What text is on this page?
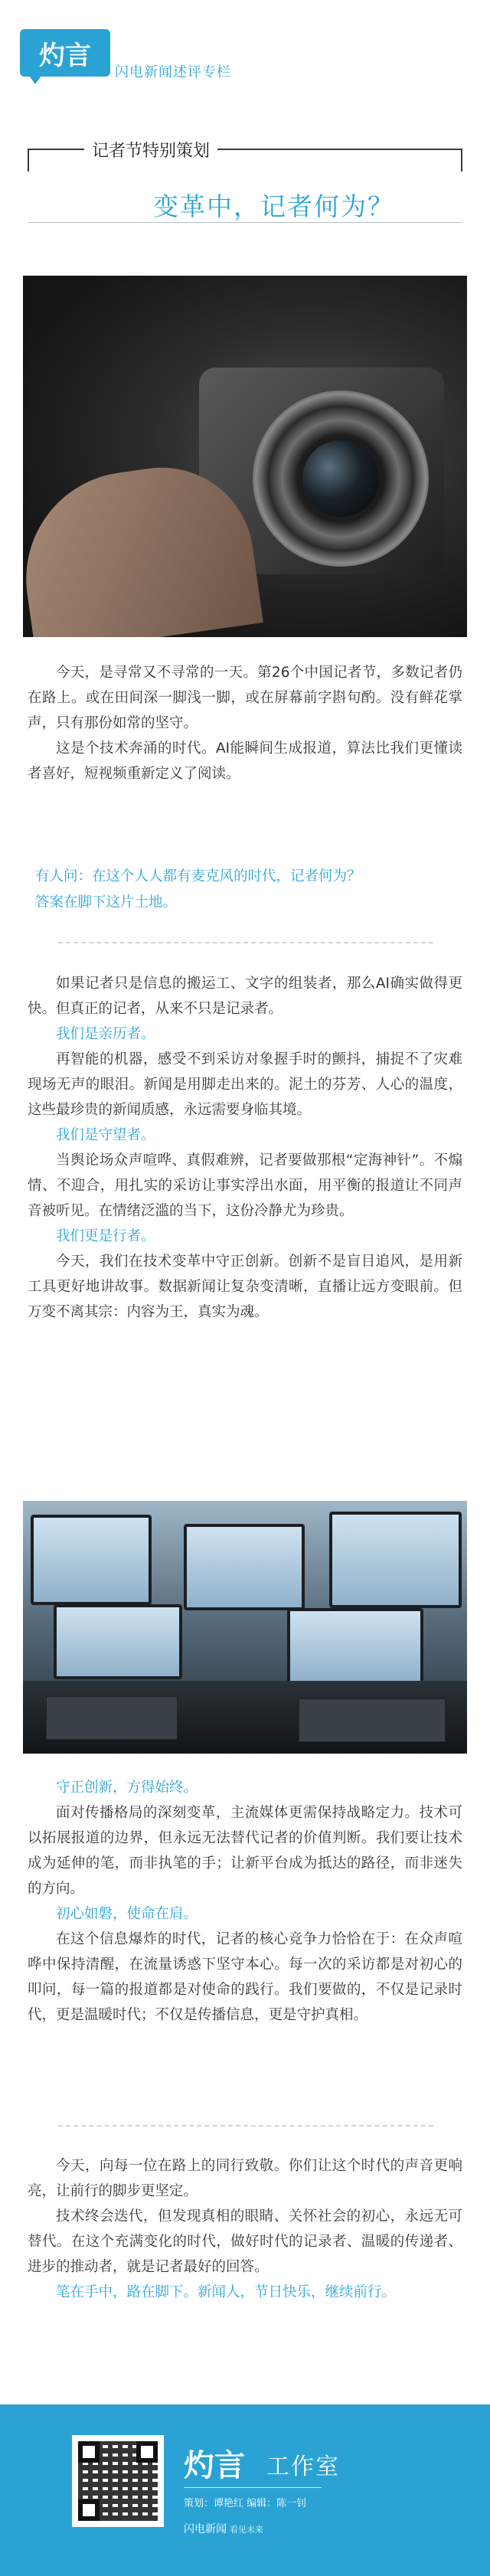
灼言
闪电新闻述评专栏
记者节特别策划
变革中，记者何为？

今天，是寻常又不寻常的一天。第26个中国记者节，多数记者仍在路上。或在田间深一脚浅一脚，或在屏幕前字斟句酌。没有鲜花掌声，只有那份如常的坚守。

这是个技术奔涌的时代。AI能瞬间生成报道，算法比我们更懂读者喜好，短视频重新定义了阅读。

有人问：在这个人人都有麦克风的时代，记者何为？

答案在脚下这片土地。

如果记者只是信息的搬运工、文字的组装者，那么AI确实做得更快。但真正的记者，从来不只是记录者。

我们是亲历者。

再智能的机器，感受不到采访对象握手时的颤抖，捕捉不了灾难现场无声的眼泪。新闻是用脚走出来的。泥土的芬芳、人心的温度，这些最珍贵的新闻质感，永远需要身临其境。

我们是守望者。

当舆论场众声喧哗、真假难辨，记者要做那根“定海神针”。不煽情、不迎合，用扎实的采访让事实浮出水面，用平衡的报道让不同声音被听见。在情绪泛滥的当下，这份冷静尤为珍贵。

我们更是行者。

今天，我们在技术变革中守正创新。创新不是盲目追风，是用新工具更好地讲故事。数据新闻让复杂变清晰，直播让远方变眼前。但万变不离其宗：内容为王，真实为魂。

守正创新，方得始终。

面对传播格局的深刻变革，主流媒体更需保持战略定力。技术可以拓展报道的边界，但永远无法替代记者的价值判断。我们要让技术成为延伸的笔，而非执笔的手；让新平台成为抵达的路径，而非迷失的方向。

初心如磐，使命在肩。

在这个信息爆炸的时代，记者的核心竞争力恰恰在于：在众声喧哗中保持清醒，在流量诱惑下坚守本心。每一次的采访都是对初心的叩问，每一篇的报道都是对使命的践行。我们要做的，不仅是记录时代，更是温暖时代；不仅是传播信息，更是守护真相。

今天，向每一位在路上的同行致敬。你们让这个时代的声音更响亮，让前行的脚步更坚定。

技术终会迭代，但发现真相的眼睛、关怀社会的初心，永远无可替代。在这个充满变化的时代，做好时代的记录者、温暖的传递者、进步的推动者，就是记者最好的回答。

笔在手中，路在脚下。新闻人，节日快乐，继续前行。

灼言 工作室
策划：谭艳红 编辑：陈一钊
闪电新闻 看见未来
